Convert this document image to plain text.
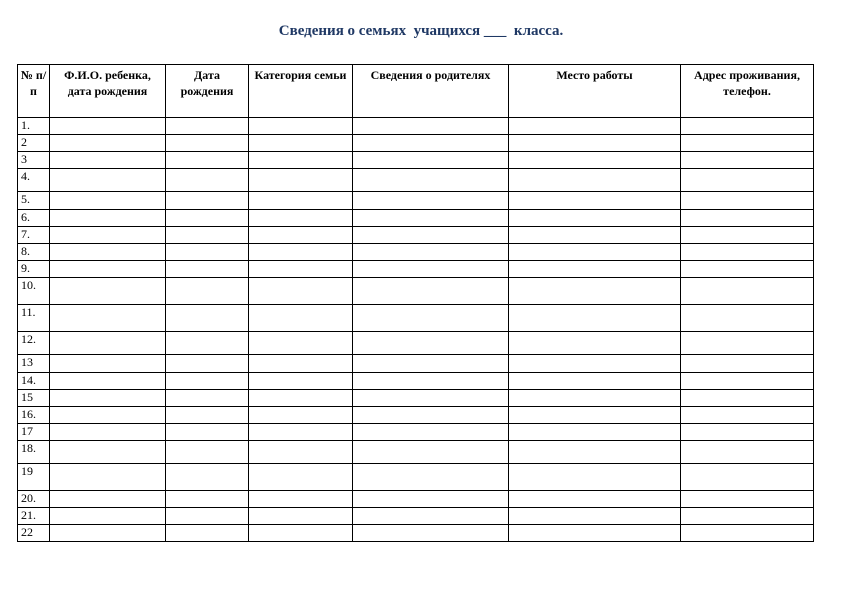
Сведения о семьях  учащихся ___  класса.
№ п/п	Ф.И.О. ребенка, дата рождения	Дата рождения	Категория семьи	Сведения о родителях	Место работы	Адрес проживания, телефон.
1.						
2						
3						
4.						
5.						
6.						
7.						
8.						
9.						
10.						
11.						
12.						
13						
14.						
15						
16.						
17						
18.						
19						
20.						
21.						
22						
